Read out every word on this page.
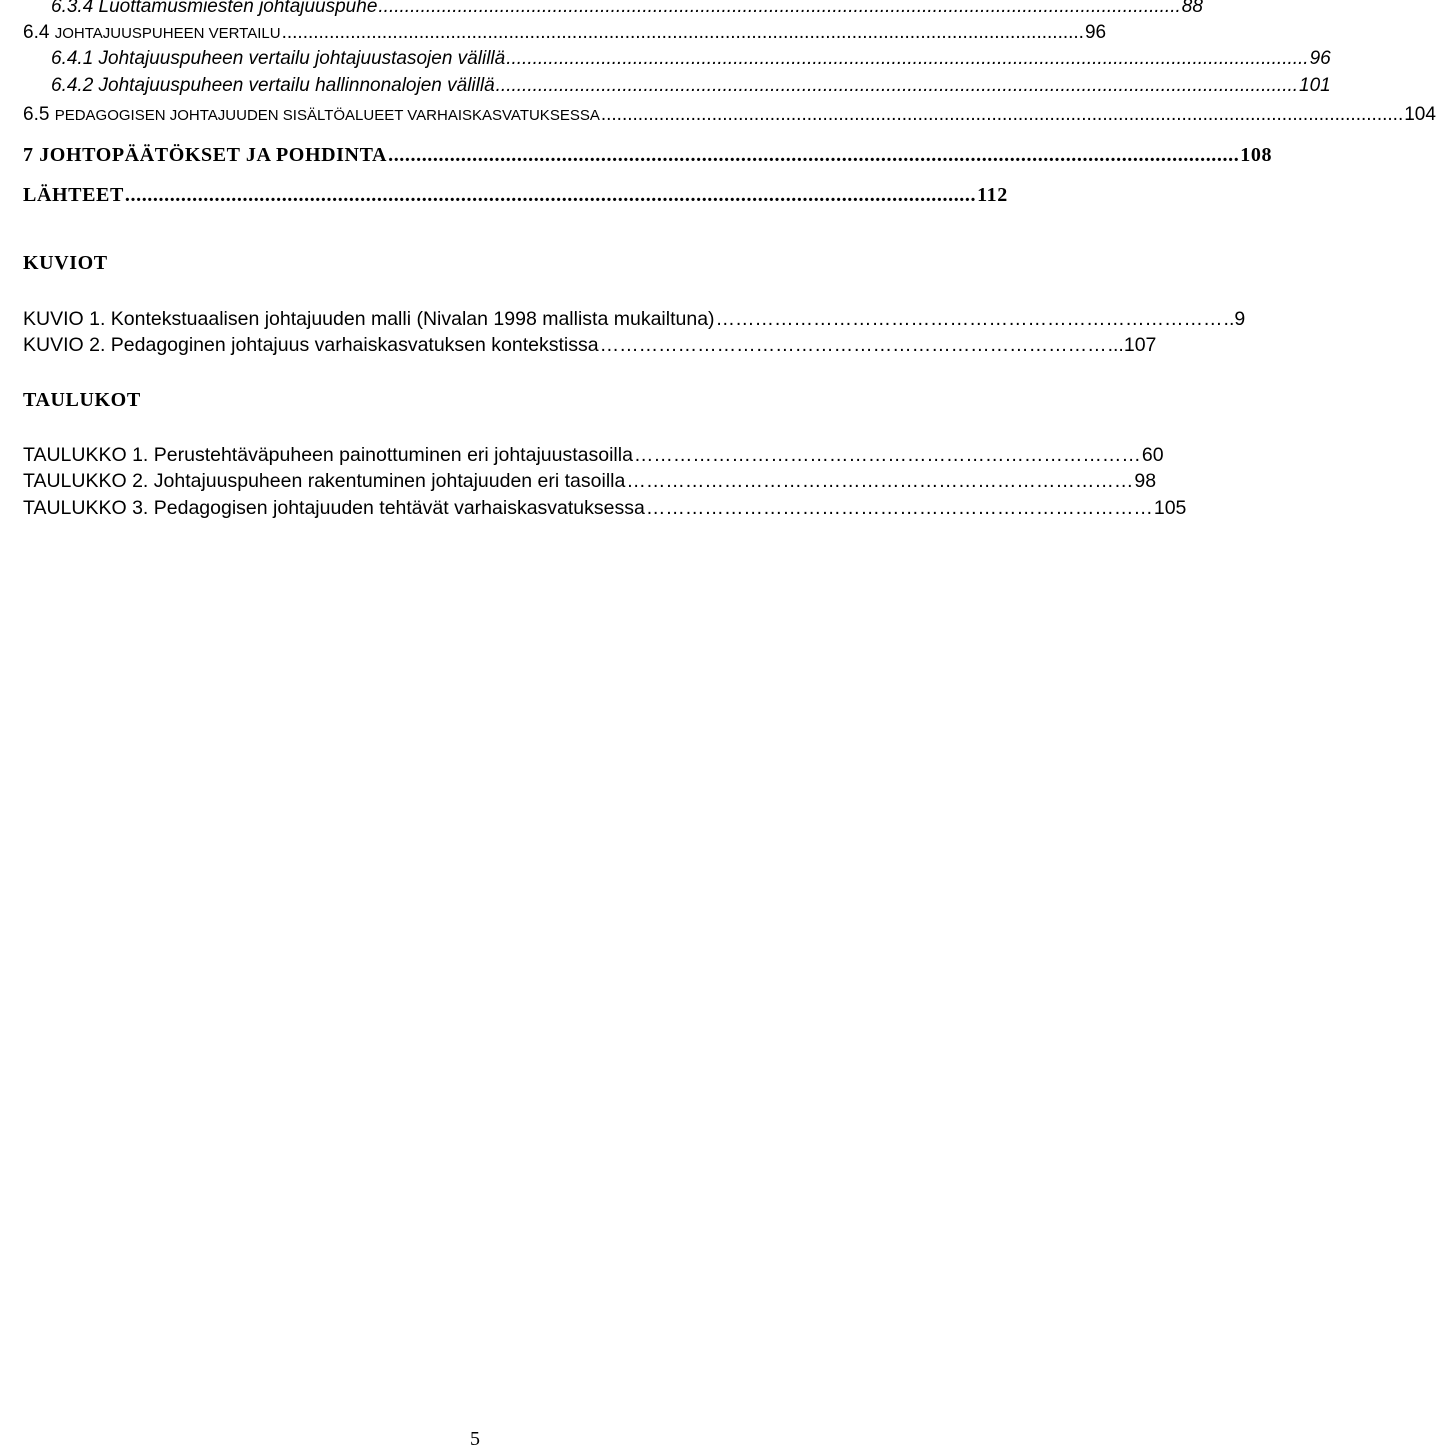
6.3.4 Luottamusmiesten johtajuuspuhe ........................................................................................................................................................ 88
6.4 JOHTAJUUSPUHEEN VERTAILU ........................................................................................................................................................ 96
6.4.1 Johtajuuspuheen vertailu johtajuustasojen välillä ........................................................................................................................................................ 96
6.4.2 Johtajuuspuheen vertailu hallinnonalojen välillä ........................................................................................................................................................ 101
6.5 PEDAGOGISEN JOHTAJUUDEN SISÄLTÖALUEET VARHAISKASVATUKSESSA ........................................................................................................................................................ 104
7 JOHTOPÄÄTÖKSET JA POHDINTA ........................................................................................................................................................ 108
LÄHTEET ........................................................................................................................................................ 112
KUVIOT
KUVIO 1. Kontekstuaalisen johtajuuden malli (Nivalan 1998 mallista mukailtuna) …………………………………………………………………… ..9
KUVIO 2. Pedagoginen johtajuus varhaiskasvatuksen kontekstissa …………………………………………………………………… ...107
TAULUKOT
TAULUKKO 1. Perustehtäväpuheen painottuminen eri johtajuustasoilla …………………………………………………………………… 60
TAULUKKO 2. Johtajuuspuheen rakentuminen johtajuuden eri tasoilla …………………………………………………………………… 98
TAULUKKO 3. Pedagogisen johtajuuden tehtävät varhaiskasvatuksessa …………………………………………………………………… 105
5
